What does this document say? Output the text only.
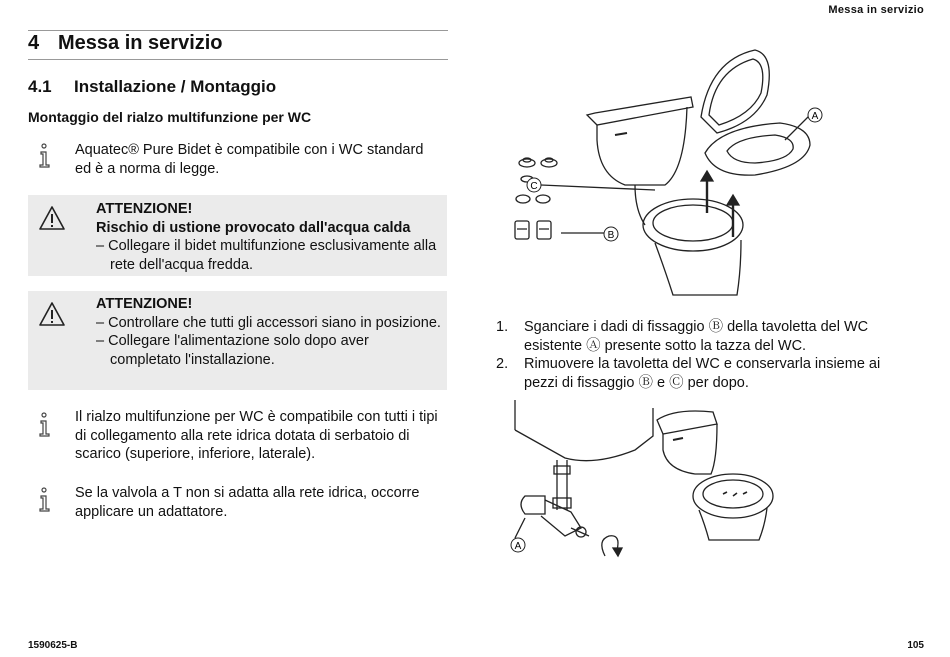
Messa in servizio
4 Messa in servizio
4.1 Installazione / Montaggio
Montaggio del rialzo multifunzione per WC
Aquatec® Pure Bidet è compatibile con i WC standard
ed è a norma di legge.
ATTENZIONE!
Rischio di ustione provocato dall'acqua calda
– Collegare il bidet multifunzione esclusivamente alla rete dell'acqua fredda.
ATTENZIONE!
– Controllare che tutti gli accessori siano in posizione.
– Collegare l'alimentazione solo dopo aver completato l'installazione.
Il rialzo multifunzione per WC è compatibile con tutti i tipi di collegamento alla rete idrica dotata di serbatoio di scarico (superiore, inferiore, laterale).
Se la valvola a T non si adatta alla rete idrica, occorre applicare un adattatore.
A
B
C
1. Sganciare i dadi di fissaggio Ⓑ della tavoletta del WC esistente Ⓐ presente sotto la tazza del WC.
2. Rimuovere la tavoletta del WC e conservarla insieme ai pezzi di fissaggio Ⓑ e Ⓒ per dopo.
A
1590625-B	105
